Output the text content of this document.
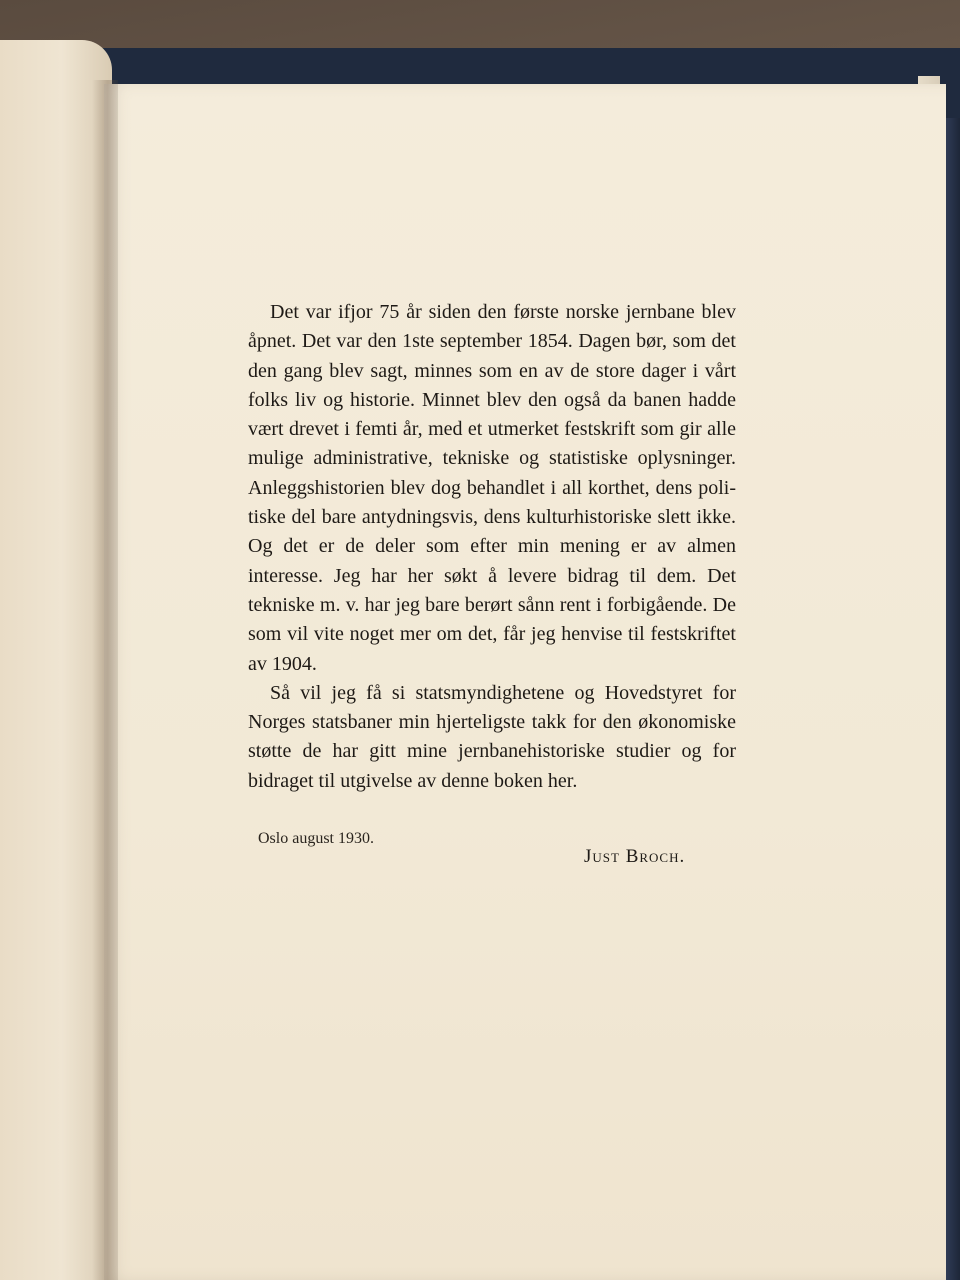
Det var ifjor 75 år siden den første norske jernbane blev åpnet. Det var den 1ste september 1854. Dagen bør, som det den gang blev sagt, minnes som en av de store dager i vårt folks liv og historie. Minnet blev den også da banen hadde vært drevet i femti år, med et utmerket festskrift som gir alle mulige administrative, tekniske og statistiske oplysninger. Anleggshistorien blev dog behandlet i all korthet, dens politiske del bare antydningsvis, dens kulturhistoriske slett ikke. Og det er de deler som efter min mening er av almen interesse. Jeg har her søkt å levere bidrag til dem. Det tekniske m. v. har jeg bare berørt sånn rent i forbigående. De som vil vite noget mer om det, får jeg henvise til festskriftet av 1904.

Så vil jeg få si statsmyndighetene og Hovedstyret for Norges statsbaner min hjerteligste takk for den økonomiske støtte de har gitt mine jernbanehistoriske studier og for bidraget til utgivelse av denne boken her.

Oslo august 1930.
Just Broch.
